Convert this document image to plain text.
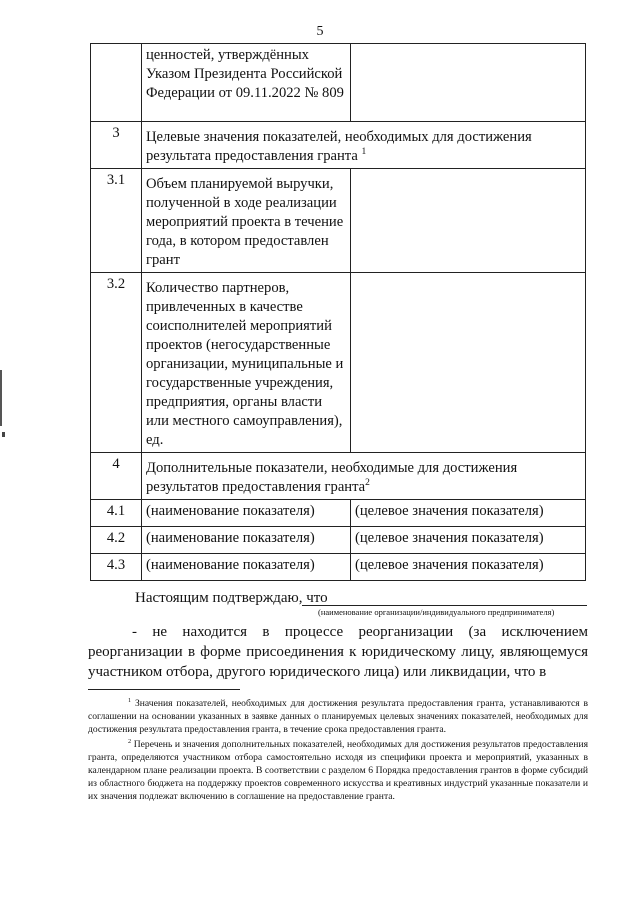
5
	ценностей, утверждённых Указом Президента Российской Федерации от 09.11.2022 № 809	
3	Целевые значения показателей, необходимых для достижения результата предоставления гранта $^1$
3.1	Объем планируемой выручки, полученной в ходе реализации мероприятий проекта в течение года, в котором предоставлен грант	
3.2	Количество партнеров, привлеченных в качестве соисполнителей мероприятий проектов (негосударственные организации, муниципальные и государственные учреждения, предприятия, органы власти или местного самоуправления), ед.	
4	Дополнительные показатели, необходимые для достижения результатов предоставления гранта$^2$
4.1	(наименование показателя)	(целевое значения показателя)
4.2	(наименование показателя)	(целевое значения показателя)
4.3	(наименование показателя)	(целевое значения показателя)
Настоящим подтверждаю, что
(наименование организации/индивидуального предпринимателя)
- не находится в процессе реорганизации (за исключением реорганизации в форме присоединения к юридическому лицу, являющемуся участником отбора, другого юридического лица) или ликвидации, что в

$^1$ Значения показателей, необходимых для достижения результата предоставления гранта, устанавливаются в соглашении на основании указанных в заявке данных о планируемых целевых значениях показателей, необходимых для достижения результата предоставления гранта, в течение срока предоставления гранта.

$^2$ Перечень и значения дополнительных показателей, необходимых для достижения результатов предоставления гранта, определяются участником отбора самостоятельно исходя из специфики проекта и мероприятий, указанных в календарном плане реализации проекта. В соответствии с разделом 6 Порядка предоставления грантов в форме субсидий из областного бюджета на поддержку проектов современного искусства и креативных индустрий указанные показатели и их значения подлежат включению в соглашение на предоставление гранта.
